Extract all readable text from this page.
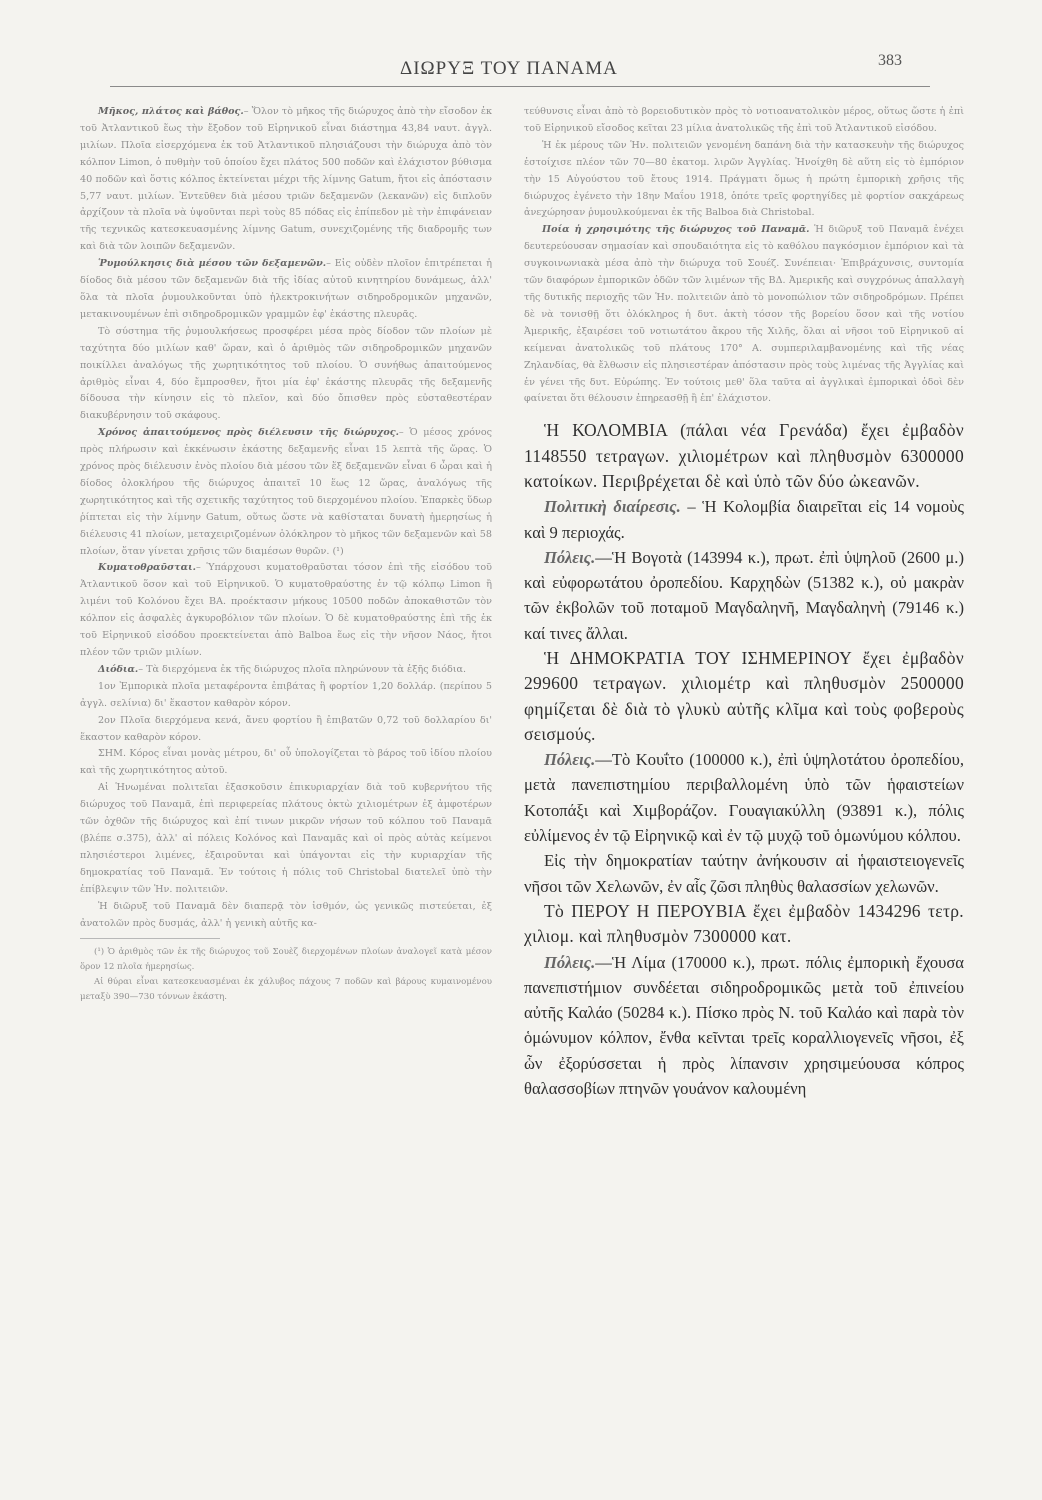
ΔΙΩΡΥΞ ΤΟΥ ΠΑΝΑΜΑ	383

Μῆκος, πλάτος καὶ βάθος.– Ὅλον τὸ μῆκος τῆς διώρυχος ἀπὸ τὴν εἴσοδον ἐκ τοῦ Ἀτλαντικοῦ ἕως τὴν ἔξοδον τοῦ Εἰρηνικοῦ εἶναι διάστημα 43,84 ναυτ. ἀγγλ. μιλίων. Πλοῖα εἰσερχόμενα ἐκ τοῦ Ἀτλαντικοῦ πλησιάζουσι τὴν διώρυχα ἀπὸ τὸν κόλπον Limon, ὁ πυθμὴν τοῦ ὁποίου ἔχει πλάτος 500 ποδῶν καὶ ἐλάχιστον βύθισμα 40 ποδῶν καὶ ὅστις κόλπος ἐκτείνεται μέχρι τῆς λίμνης Gatum, ἤτοι εἰς ἀπόστασιν 5,77 ναυτ. μιλίων. Ἐντεῦθεν διὰ μέσου τριῶν δεξαμενῶν (λεκανῶν) εἰς διπλοῦν ἀρχίζουν τὰ πλοῖα νὰ ὑψοῦνται περὶ τοὺς 85 πόδας εἰς ἐπίπεδον μὲ τὴν ἐπιφάνειαν τῆς τεχνικῶς κατεσκευασμένης λίμνης Gatum, συνεχιζομένης τῆς διαδρομῆς των καὶ διὰ τῶν λοιπῶν δεξαμενῶν.

Ῥυμούλκησις διὰ μέσου τῶν δεξαμενῶν.– Εἰς οὐδὲν πλοῖον ἐπιτρέπεται ἡ δίοδος διὰ μέσου τῶν δεξαμενῶν διὰ τῆς ἰδίας αὐτοῦ κινητηρίου δυνάμεως, ἀλλ' ὅλα τὰ πλοῖα ῥυμουλκοῦνται ὑπὸ ἠλεκτροκινήτων σιδηροδρομικῶν μηχανῶν, μετακινουμένων ἐπὶ σιδηροδρομικῶν γραμμῶν ἐφ' ἑκάστης πλευρᾶς.

Τὸ σύστημα τῆς ῥυμουλκήσεως προσφέρει μέσα πρὸς δίοδον τῶν πλοίων μὲ ταχύτητα δύο μιλίων καθ' ὥραν, καὶ ὁ ἀριθμὸς τῶν σιδηροδρομικῶν μηχανῶν ποικίλλει ἀναλόγως τῆς χωρητικότητος τοῦ πλοίου. Ὁ συνήθως ἀπαιτούμενος ἀριθμὸς εἶναι 4, δύο ἔμπροσθεν, ἤτοι μία ἐφ' ἑκάστης πλευρᾶς τῆς δεξαμενῆς δίδουσα τὴν κίνησιν εἰς τὸ πλεῖον, καὶ δύο ὄπισθεν πρὸς εὐσταθεστέραν διακυβέρνησιν τοῦ σκάφους.

Χρόνος ἀπαιτούμενος πρὸς διέλευσιν τῆς διώρυχος.– Ὁ μέσος χρόνος πρὸς πλήρωσιν καὶ ἐκκένωσιν ἑκάστης δεξαμενῆς εἶναι 15 λεπτὰ τῆς ὥρας. Ὁ χρόνος πρὸς διέλευσιν ἑνὸς πλοίου διὰ μέσου τῶν ἕξ δεξαμενῶν εἶναι 6 ὧραι καὶ ἡ δίοδος ὁλοκλήρου τῆς διώρυχος ἀπαιτεῖ 10 ἕως 12 ὥρας, ἀναλόγως τῆς χωρητικότητος καὶ τῆς σχετικῆς ταχύτητος τοῦ διερχομένου πλοίου. Ἐπαρκὲς ὕδωρ ῥίπτεται εἰς τὴν λίμνην Gatum, οὕτως ὥστε νὰ καθίσταται δυνατὴ ἡμερησίως ἡ διέλευσις 41 πλοίων, μεταχειριζομένων ὁλόκληρον τὸ μῆκος τῶν δεξαμενῶν καὶ 58 πλοίων, ὅταν γίνεται χρῆσις τῶν διαμέσων θυρῶν. (¹)

Κυματοθραῦσται.– Ὑπάρχουσι κυματοθραῦσται τόσον ἐπὶ τῆς εἰσόδου τοῦ Ἀτλαντικοῦ ὅσον καὶ τοῦ Εἰρηνικοῦ. Ὁ κυματοθραύστης ἐν τῷ κόλπῳ Limon ἢ λιμένι τοῦ Κολόνου ἔχει ΒΑ. προέκτασιν μήκους 10500 ποδῶν ἀποκαθιστῶν τὸν κόλπον εἰς ἀσφαλὲς ἀγκυροβόλιον τῶν πλοίων. Ὁ δὲ κυματοθραύστης ἐπὶ τῆς ἐκ τοῦ Εἰρηνικοῦ εἰσόδου προεκτείνεται ἀπὸ Balboa ἕως εἰς τὴν νῆσον Νάος, ἤτοι πλέον τῶν τριῶν μιλίων.

Διόδια.– Τὰ διερχόμενα ἐκ τῆς διώρυχος πλοῖα πληρώνουν τὰ ἑξῆς διόδια.

1ον Ἐμπορικὰ πλοῖα μεταφέροντα ἐπιβάτας ἢ φορτίον 1,20 δολλάρ. (περίπου 5 ἀγγλ. σελίνια) δι' ἕκαστον καθαρὸν κόρον.

2ον Πλοῖα διερχόμενα κενά, ἄνευ φορτίου ἢ ἐπιβατῶν 0,72 τοῦ δολλαρίου δι' ἕκαστον καθαρὸν κόρον.

ΣΗΜ. Κόρος εἶναι μονὰς μέτρου, δι' οὗ ὑπολογίζεται τὸ βάρος τοῦ ἰδίου πλοίου καὶ τῆς χωρητικότητος αὐτοῦ.

Αἱ Ἡνωμέναι πολιτεῖαι ἐξασκοῦσιν ἐπικυριαρχίαν διὰ τοῦ κυβερνήτου τῆς διώρυχος τοῦ Παναμᾶ, ἐπὶ περιφερείας πλάτους ὀκτὼ χιλιομέτρων ἐξ ἀμφοτέρων τῶν ὀχθῶν τῆς διώρυχος καὶ ἐπί τινων μικρῶν νήσων τοῦ κόλπου τοῦ Παναμᾶ (βλέπε σ.375), ἀλλ' αἱ πόλεις Κολόνος καὶ Παναμᾶς καὶ οἱ πρὸς αὐτὰς κείμενοι πλησιέστεροι λιμένες, ἐξαιροῦνται καὶ ὑπάγονται εἰς τὴν κυριαρχίαν τῆς δημοκρατίας τοῦ Παναμᾶ. Ἐν τούτοις ἡ πόλις τοῦ Christobal διατελεῖ ὑπὸ τὴν ἐπίβλεψιν τῶν Ἡν. πολιτειῶν.

Ἡ διῶρυξ τοῦ Παναμᾶ δὲν διαπερᾷ τὸν ἰσθμόν, ὡς γενικῶς πιστεύεται, ἐξ ἀνατολῶν πρὸς δυσμάς, ἀλλ' ἡ γενικὴ αὐτῆς κα-

(¹) Ὁ ἀριθμὸς τῶν ἐκ τῆς διώρυχος τοῦ Σουὲζ διερχομένων πλοίων ἀναλογεῖ κατὰ μέσον ὅρον 12 πλοῖα ἡμερησίως.

Αἱ θύραι εἶναι κατεσκευασμέναι ἐκ χάλυβος πάχους 7 ποδῶν καὶ βάρους κυμαινομένου μεταξὺ 390—730 τόννων ἑκάστη.

τεύθυνσις εἶναι ἀπὸ τὸ βορειοδυτικὸν πρὸς τὸ νοτιοανατολικὸν μέρος, οὕτως ὥστε ἡ ἐπὶ τοῦ Εἰρηνικοῦ εἴσοδος κεῖται 23 μίλια ἀνατολικῶς τῆς ἐπὶ τοῦ Ἀτλαντικοῦ εἰσόδου.

Ἡ ἐκ μέρους τῶν Ἡν. πολιτειῶν γενομένη δαπάνη διὰ τὴν κατασκευὴν τῆς διώρυχος ἐστοίχισε πλέον τῶν 70—80 ἑκατομ. λιρῶν Ἀγγλίας. Ἠνοίχθη δὲ αὕτη εἰς τὸ ἐμπόριον τὴν 15 Αὐγούστου τοῦ ἔτους 1914. Πράγματι ὅμως ἡ πρώτη ἐμπορικὴ χρῆσις τῆς διώρυχος ἐγένετο τὴν 18ην Μαΐου 1918, ὁπότε τρεῖς φορτηγίδες μὲ φορτίον σακχάρεως ἀνεχώρησαν ῥυμουλκούμεναι ἐκ τῆς Balboa διὰ Christobal.

Ποία ἡ χρησιμότης τῆς διώρυχος τοῦ Παναμᾶ. Ἡ διῶρυξ τοῦ Παναμᾶ ἐνέχει δευτερεύουσαν σημασίαν καὶ σπουδαιότητα εἰς τὸ καθόλου παγκόσμιον ἐμπόριον καὶ τὰ συγκοινωνιακὰ μέσα ἀπὸ τὴν διώρυχα τοῦ Σουέζ. Συνέπειαι· Ἐπιβράχυνσις, συντομία τῶν διαφόρων ἐμπορικῶν ὁδῶν τῶν λιμένων τῆς ΒΔ. Ἀμερικῆς καὶ συγχρόνως ἀπαλλαγὴ τῆς δυτικῆς περιοχῆς τῶν Ἡν. πολιτειῶν ἀπὸ τὸ μονοπώλιον τῶν σιδηροδρόμων. Πρέπει δὲ νὰ τονισθῇ ὅτι ὁλόκληρος ἡ δυτ. ἀκτὴ τόσον τῆς βορείου ὅσον καὶ τῆς νοτίου Ἀμερικῆς, ἐξαιρέσει τοῦ νοτιωτάτου ἄκρου τῆς Χιλῆς, ὅλαι αἱ νῆσοι τοῦ Εἰρηνικοῦ αἱ κείμεναι ἀνατολικῶς τοῦ πλάτους 170° Α. συμπεριλαμβανομένης καὶ τῆς νέας Ζηλανδίας, θὰ ἔλθωσιν εἰς πλησιεστέραν ἀπόστασιν πρὸς τοὺς λιμένας τῆς Ἀγγλίας καὶ ἐν γένει τῆς δυτ. Εὐρώπης. Ἐν τούτοις μεθ' ὅλα ταῦτα αἱ ἀγγλικαὶ ἐμπορικαὶ ὁδοὶ δὲν φαίνεται ὅτι θέλουσιν ἐπηρεασθῇ ἢ ἐπ' ἐλάχιστον.

Ἡ ΚΟΛΟΜΒΙΑ (πάλαι νέα Γρενάδα) ἔχει ἐμβαδὸν 1148550 τετραγων. χιλιομέτρων καὶ πληθυσμὸν 6300000 κατοίκων. Περιβρέχεται δὲ καὶ ὑπὸ τῶν δύο ὠκεανῶν.

Πολιτικὴ διαίρεσις. – Ἡ Κολομβία διαιρεῖται εἰς 14 νομοὺς καὶ 9 περιοχάς.

Πόλεις.—Ἡ Βογοτὰ (143994 κ.), πρωτ. ἐπὶ ὑψηλοῦ (2600 μ.) καὶ εὐφορωτάτου ὀροπεδίου. Καρχηδὼν (51382 κ.), οὐ μακρὰν τῶν ἐκβολῶν τοῦ ποταμοῦ Μαγδαληνῆ, Μαγδαληνὴ (79146 κ.) καί τινες ἄλλαι.

Ἡ ΔΗΜΟΚΡΑΤΙΑ ΤΟΥ ΙΣΗΜΕΡΙΝΟΥ ἔχει ἐμβαδὸν 299600 τετραγων. χιλιομέτρ καὶ πληθυσμὸν 2500000 φημίζεται δὲ διὰ τὸ γλυκὺ αὐτῆς κλῖμα καὶ τοὺς φοβεροὺς σεισμούς.

Πόλεις.—Τὸ Κουΐτο (100000 κ.), ἐπὶ ὑψηλοτάτου ὀροπεδίου, μετὰ πανεπιστημίου περιβαλλομένη ὑπὸ τῶν ἡφαιστείων Κοτοπάξι καὶ Χιμβοράζον. Γουαγιακύλλη (93891 κ.), πόλις εὐλίμενος ἐν τῷ Εἰρηνικῷ καὶ ἐν τῷ μυχῷ τοῦ ὁμωνύμου κόλπου.

Εἰς τὴν δημοκρατίαν ταύτην ἀνήκουσιν αἱ ἡφαιστειογενεῖς νῆσοι τῶν Χελωνῶν, ἐν αἷς ζῶσι πληθὺς θαλασσίων χελωνῶν.

Τὸ ΠΕΡΟΥ Η ΠΕΡΟΥΒΙΑ ἔχει ἐμβαδὸν 1434296 τετρ. χιλιομ. καὶ πληθυσμὸν 7300000 κατ.

Πόλεις.—Ἡ Λίμα (170000 κ.), πρωτ. πόλις ἐμπορικὴ ἔχουσα πανεπιστήμιον συνδέεται σιδηροδρομικῶς μετὰ τοῦ ἐπινείου αὐτῆς Καλάο (50284 κ.). Πίσκο πρὸς Ν. τοῦ Καλάο καὶ παρὰ τὸν ὁμώνυμον κόλπον, ἔνθα κεῖνται τρεῖς κοραλλιογενεῖς νῆσοι, ἐξ ὧν ἐξορύσσεται ἡ πρὸς λίπανσιν χρησιμεύουσα κόπρος θαλασσοβίων πτηνῶν γουάνον καλουμένη
